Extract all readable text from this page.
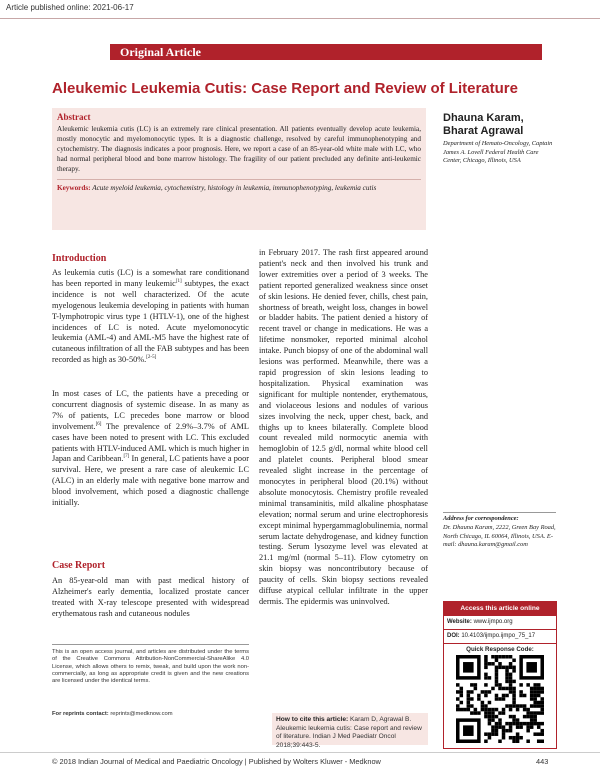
Article published online: 2021-06-17
Original Article
Aleukemic Leukemia Cutis: Case Report and Review of Literature
Abstract

Aleukemic leukemia cutis (LC) is an extremely rare clinical presentation. All patients eventually develop acute leukemia, mostly monocytic and myelomonocytic types. It is a diagnostic challenge, resolved by careful immunophenotyping and cytochemistry. The diagnosis indicates a poor prognosis. Here, we report a case of an 85-year-old white male with LC, who had normal peripheral blood and bone marrow histology. The fragility of our patient precluded any definite anti-leukemic therapy.

Keywords: Acute myeloid leukemia, cytochemistry, histology in leukemia, immunophenotyping, leukemia cutis
Dhauna Karam,
Bharat Agrawal
Department of Hemato-Oncology, Captain James A. Lovell Federal Health Care Center, Chicago, Illinois, USA
Introduction

As leukemia cutis (LC) is a somewhat rare conditionand has been reported in many leukemic[1] subtypes, the exact incidence is not well characterized. Of the acute myelogenous leukemia developing in patients with human T-lymphotropic virus type 1 (HTLV-1), one of the highest incidences of LC is noted. Acute myelomonocytic leukemia (AML-4) and AML-M5 have the highest rate of cutaneous infiltration of all the FAB subtypes and has been recorded as high as 30-50%.[2-5]

In most cases of LC, the patients have a preceding or concurrent diagnosis of systemic disease. In as many as 7% of patients, LC precedes bone marrow or blood involvement.[6] The prevalence of 2.9%–3.7% of AML cases have been noted to present with LC. This excluded patients with HTLV-induced AML which is much higher in Japan and Caribbean.[7] In general, LC patients have a poor survival. Here, we present a rare case of aleukemic LC (ALC) in an elderly male with negative bone marrow and blood involvement, which posed a diagnostic challenge initially.

Case Report

An 85-year-old man with past medical history of Alzheimer's early dementia, localized prostate cancer treated with X-ray telescope presented with widespread erythematous rash and cutaneous nodules

This is an open access journal, and articles are distributed under the terms of the Creative Commons Attribution-NonCommercial-ShareAlike 4.0 License, which allows others to remix, tweak, and build upon the work non-commercially, as long as appropriate credit is given and the new creations are licensed under the identical terms.

For reprints contact: reprints@medknow.com

in February 2017. The rash first appeared around patient's neck and then involved his trunk and lower extremities over a period of 3 weeks. The patient reported generalized weakness since onset of skin lesions. He denied fever, chills, chest pain, shortness of breath, weight loss, changes in bowel or bladder habits. The patient denied a history of recent travel or change in medications. He was a lifetime nonsmoker, reported minimal alcohol intake. Punch biopsy of one of the abdominal wall lesions was performed. Meanwhile, there was a rapid progression of skin lesions leading to hospitalization. Physical examination was significant for multiple nontender, erythematous, and violaceous lesions and nodules of various sizes involving the neck, upper chest, back, and thighs up to knees bilaterally. Complete blood count revealed mild normocytic anemia with hemoglobin of 12.5 g/dl, normal white blood cell and platelet counts. Peripheral blood smear revealed slight increase in the percentage of monocytes in peripheral blood (20.1%) without absolute monocytosis. Chemistry profile revealed minimal transaminitis, mild alkaline phosphatase elevation; normal serum and urine electrophoresis except minimal hypergammaglobulinemia, normal serum lactate dehydrogenase, and kidney function testing. Serum lysozyme level was elevated at 21.1 mg/ml (normal 5–11). Flow cytometry on skin biopsy was noncontributory because of paucity of cells. Skin biopsy sections revealed diffuse atypical cellular infiltrate in the upper dermis. The epidermis was uninvolved.

How to cite this article: Karam D, Agrawal B. Aleukemic leukemia cutis: Case report and review of literature. Indian J Med Paediatr Oncol 2018;39:443-5.
Address for correspondence:
Dr. Dhauna Karam, 2222, Green Bay Road, North Chicago, IL 60064, Illinois, USA. E-mail: dhauna.karam@gmail.com
Access this article online
Website: www.ijmpo.org
DOI: 10.4103/ijmpo.ijmpo_75_17
Quick Response Code:
© 2018 Indian Journal of Medical and Paediatric Oncology | Published by Wolters Kluwer - Medknow	443
